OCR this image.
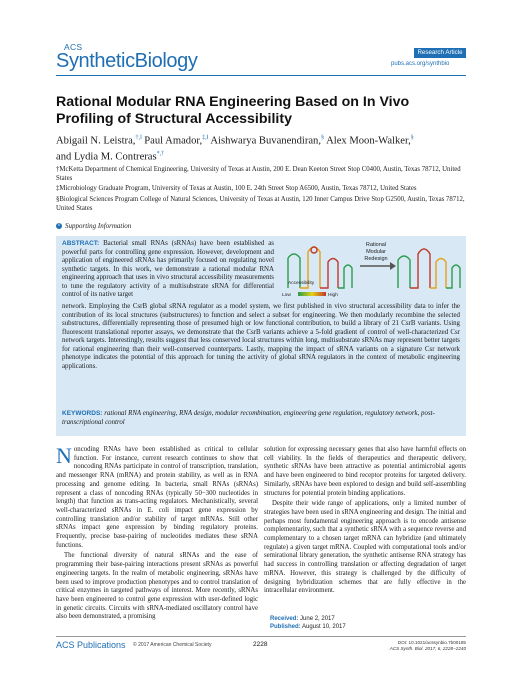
ACS
SyntheticBiology	Research Article
pubs.acs.org/synthbio
Rational Modular RNA Engineering Based on In Vivo Profiling of Structural Accessibility
Abigail N. Leistra,†,‖ Paul Amador,‡,‖ Aishwarya Buvanendiran,§ Alex Moon-Walker,§
and Lydia M. Contreras*,†
†McKetta Department of Chemical Engineering, University of Texas at Austin, 200 E. Dean Keeton Street Stop C0400, Austin, Texas 78712, United States
‡Microbiology Graduate Program, University of Texas at Austin, 100 E. 24th Street Stop A6500, Austin, Texas 78712, United States
§Biological Sciences Program College of Natural Sciences, University of Texas at Austin, 120 Inner Campus Drive Stop G2500, Austin, Texas 78712, United States
s Supporting Information
ABSTRACT: Bacterial small RNAs (sRNAs) have been established as powerful parts for controlling gene expression. However, development and application of engineered sRNAs has primarily focused on regulating novel synthetic targets. In this work, we demonstrate a rational modular RNA engineering approach that uses in vivo structural accessibility measurements to tune the regulatory activity of a multisubstrate sRNA for differential control of its native target
Rational
Modular
Redesign
Accessibility
Low	High
network. Employing the CsrB global sRNA regulator as a model system, we first published in vivo structural accessibility data to infer the contribution of its local structures (substructures) to function and select a subset for engineering. We then modularly recombine the selected substructures, differentially representing those of presumed high or low functional contribution, to build a library of 21 CsrB variants. Using fluorescent translational reporter assays, we demonstrate that the CsrB variants achieve a 5-fold gradient of control of well-characterized Csr network targets. Interestingly, results suggest that less conserved local structures within long, multisubstrate sRNAs may represent better targets for rational engineering than their well-conserved counterparts. Lastly, mapping the impact of sRNA variants on a signature Csr network phenotype indicates the potential of this approach for tuning the activity of global sRNA regulators in the context of metabolic engineering applications.
KEYWORDS: rational RNA engineering, RNA design, modular recombination, engineering gene regulation, regulatory network, post-transcriptional control

Noncoding RNAs have been established as critical to cellular function. For instance, current research continues to show that noncoding RNAs participate in control of transcription, translation, and messenger RNA (mRNA) and protein stability, as well as in RNA processing and genome editing. In bacteria, small RNAs (sRNAs) represent a class of noncoding RNAs (typically 50−300 nucleotides in length) that function as trans-acting regulators. Mechanistically, several well-characterized sRNAs in E. coli impact gene expression by controlling translation and/or stability of target mRNAs. Still other sRNAs impact gene expression by binding regulatory proteins. Frequently, precise base-pairing of nucleotides mediates these sRNA functions.

The functional diversity of natural sRNAs and the ease of programming their base-pairing interactions present sRNAs as powerful engineering targets. In the realm of metabolic engineering, sRNAs have been used to improve production phenotypes and to control translation of critical enzymes in targeted pathways of interest. More recently, sRNAs have been engineered to control gene expression with user-defined logic in genetic circuits. Circuits with sRNA-mediated oscillatory control have also been demonstrated, a promising

solution for expressing necessary genes that also have harmful effects on cell viability. In the fields of therapeutics and therapeutic delivery, synthetic sRNAs have been attractive as potential antimicrobial agents and have been engineered to bind receptor proteins for targeted delivery. Similarly, sRNAs have been explored to design and build self-assembling structures for potential protein binding applications.

Despite their wide range of applications, only a limited number of strategies have been used in sRNA engineering and design. The initial and perhaps most fundamental engineering approach is to encode antisense complementarity, such that a synthetic sRNA with a sequence reverse and complementary to a chosen target mRNA can hybridize (and ultimately regulate) a given target mRNA. Coupled with computational tools and/or semirational library generation, the synthetic antisense RNA strategy has had success in controlling translation or affecting degradation of target mRNA. However, this strategy is challenged by the difficulty of designing hybridization schemes that are fully effective in the intracellular environment.

Received: June 2, 2017
Published: August 10, 2017
ACS Publications © 2017 American Chemical Society	2228	DOI: 10.1021/acssynbio.7b00185
ACS Synth. Biol. 2017, 6, 2228−2240
